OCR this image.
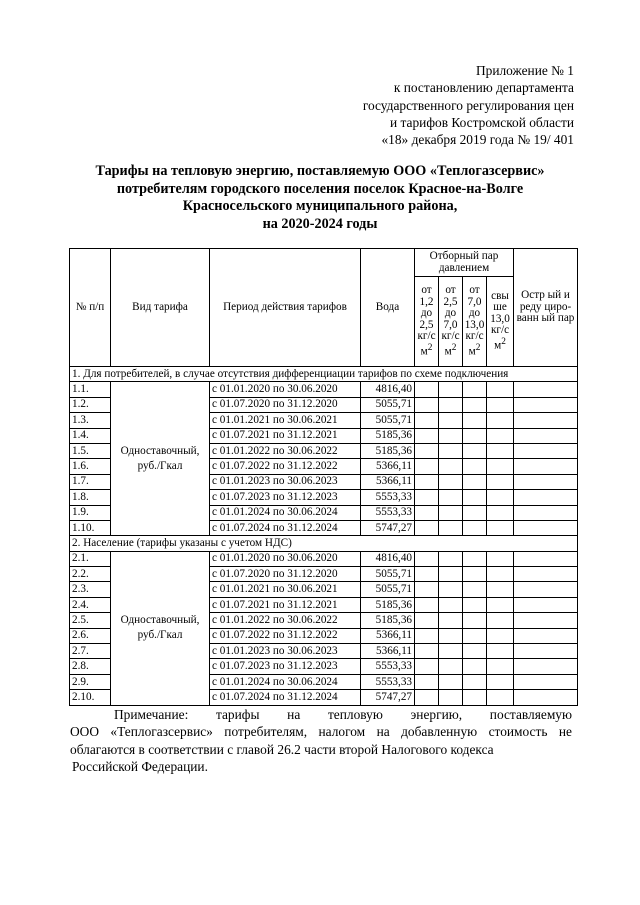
Приложение № 1
к постановлению департамента
государственного регулирования цен
и тарифов Костромской области
«18» декабря 2019 года № 19/ 401
Тарифы на тепловую энергию, поставляемую ООО «Теплогазсервис»
потребителям городского поселения поселок Красное-на-Волге
Красносельского муниципального района,
на 2020-2024 годы
№ п/п	Вид тарифа	Период действия тарифов	Вода	Отборный пар давлением				Остр ый и реду циро- ванн ый пар
				от 1,2 до 2,5 кг/с $м^2$	от 2,5 до 7,0 кг/с $м^2$	от 7,0 до 13,0 кг/с $м^2$	свы ше 13,0 кг/с $м^2$
1. Для потребителей, в случае отсутствия дифференциации тарифов по схеме подключения								
1.1.	Одноставочный, руб./Гкал	с 01.01.2020 по 30.06.2020	4816,40					
1.2.		с 01.07.2020 по 31.12.2020	5055,71					
1.3.		с 01.01.2021 по 30.06.2021	5055,71					
1.4.		с 01.07.2021 по 31.12.2021	5185,36					
1.5.		с 01.01.2022 по 30.06.2022	5185,36					
1.6.		с 01.07.2022 по 31.12.2022	5366,11					
1.7.		с 01.01.2023 по 30.06.2023	5366,11					
1.8.		с 01.07.2023 по 31.12.2023	5553,33					
1.9.		с 01.01.2024 по 30.06.2024	5553,33					
1.10.		с 01.07.2024 по 31.12.2024	5747,27					
2. Население (тарифы указаны с учетом НДС)								
2.1.	Одноставочный, руб./Гкал	с 01.01.2020 по 30.06.2020	4816,40					
2.2.		с 01.07.2020 по 31.12.2020	5055,71					
2.3.		с 01.01.2021 по 30.06.2021	5055,71					
2.4.		с 01.07.2021 по 31.12.2021	5185,36					
2.5.		с 01.01.2022 по 30.06.2022	5185,36					
2.6.		с 01.07.2022 по 31.12.2022	5366,11					
2.7.		с 01.01.2023 по 30.06.2023	5366,11					
2.8.		с 01.07.2023 по 31.12.2023	5553,33					
2.9.		с 01.01.2024 по 30.06.2024	5553,33					
2.10.		с 01.07.2024 по 31.12.2024	5747,27					

Примечание: тарифы на тепловую энергию, поставляемую

ООО «Теплогазсервис» потребителям, налогом на добавленную стоимость не

облагаются в соответствии с главой 26.2 части второй Налогового кодекса

Российской Федерации.
